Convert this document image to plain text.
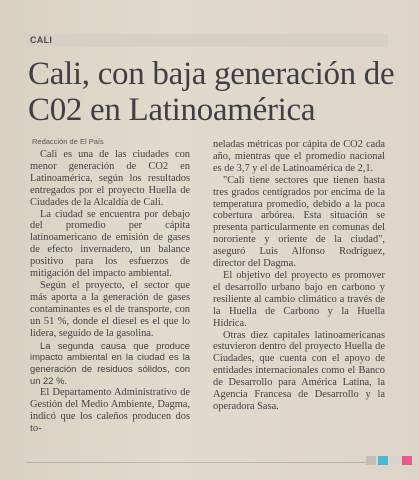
CALI
Cali, con baja generación de C02 en Latinoamérica
Redacción de El País

Cali es una de las ciudades con menor generación de CO2 en Latinoamérica, según los resultados entregados por el proyecto Huella de Ciudades de la Alcaldía de Cali.

La ciudad se encuentra por debajo del promedio per cápita latinoamericano de emisión de gases de efecto invernadero, un balance positivo para los esfuerzos de mitigación del impacto ambiental.

Según el proyecto, el sector que más aporta a la generación de gases contaminantes es el de transporte, con un 51 %, donde el diesel es el que lo lidera, seguido de la gasolina.

La segunda causa que produce impacto ambiental en la ciudad es la generación de residuos sólidos, con un 22 %.

El Departamento Administrativo de Gestión del Medio Ambiente, Dagma, indicó que los caleños producen dos to-

neladas métricas por cápita de CO2 cada año, mientras que el promedio nacional es de 3,7 y el de Latinoamérica de 2,1.

"Cali tiene sectores que tienen hasta tres grados centígrados por encima de la temperatura promedio, debido a la poca cobertura arbórea. Esta situación se presenta particularmente en comunas del nororiente y oriente de la ciudad", aseguró Luis Alfonso Rodríguez, director del Dagma.

El objetivo del proyecto es promover el desarrollo urbano bajo en carbono y resiliente al cambio climático a través de la Huella de Carbono y la Huella Hídrica.

Otras diez capitales latinoamericanas estuvieron dentro del proyecto Huella de Ciudades, que cuenta con el apoyo de entidades internacionales como el Banco de Desarrollo para América Latina, la Agencia Francesa de Desarrollo y la operadora Sasa.
